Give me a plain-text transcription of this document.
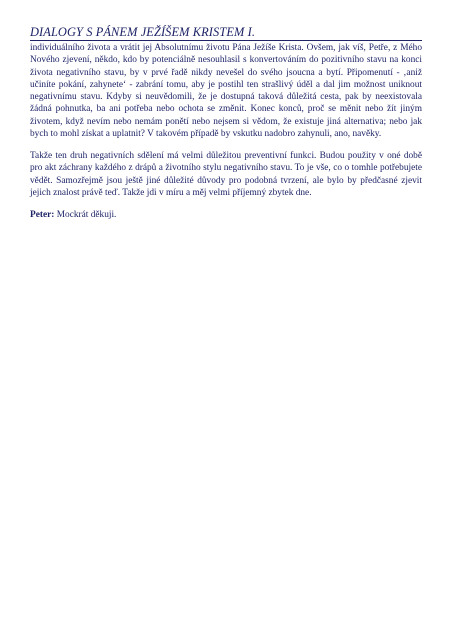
DIALOGY S PÁNEM JEŽÍŠEM KRISTEM I.

individuálního života a vrátit jej Absolutnímu životu Pána Ježíše Krista. Ovšem, jak víš, Petře, z Mého Nového zjevení, někdo, kdo by potenciálně nesouhlasil s konvertováním do pozitivního stavu na konci života negativního stavu, by v prvé řadě nikdy nevešel do svého jsoucna a bytí. Připomenutí - ‚aniž učiníte pokání, zahynete‘ - zabrání tomu, aby je postihl ten strašlivý úděl a dal jim možnost uniknout negativnímu stavu. Kdyby si neuvědomili, že je dostupná taková důležitá cesta, pak by neexistovala žádná pohnutka, ba ani potřeba nebo ochota se změnit. Konec konců, proč se měnit nebo žít jiným životem, když nevím nebo nemám ponětí nebo nejsem si vědom, že existuje jiná alternativa; nebo jak bych to mohl získat a uplatnit? V takovém případě by vskutku nadobro zahynuli, ano, navěky.

Takže ten druh negativních sdělení má velmi důležitou preventivní funkci. Budou použity v oné době pro akt záchrany každého z drápů a životního stylu negativního stavu. To je vše, co o tomhle potřebujete vědět. Samozřejmě jsou ještě jiné důležité důvody pro podobná tvrzení, ale bylo by předčasné zjevit jejich znalost právě teď. Takže jdi v míru a měj velmi příjemný zbytek dne.

Peter: Mockrát děkuji.
